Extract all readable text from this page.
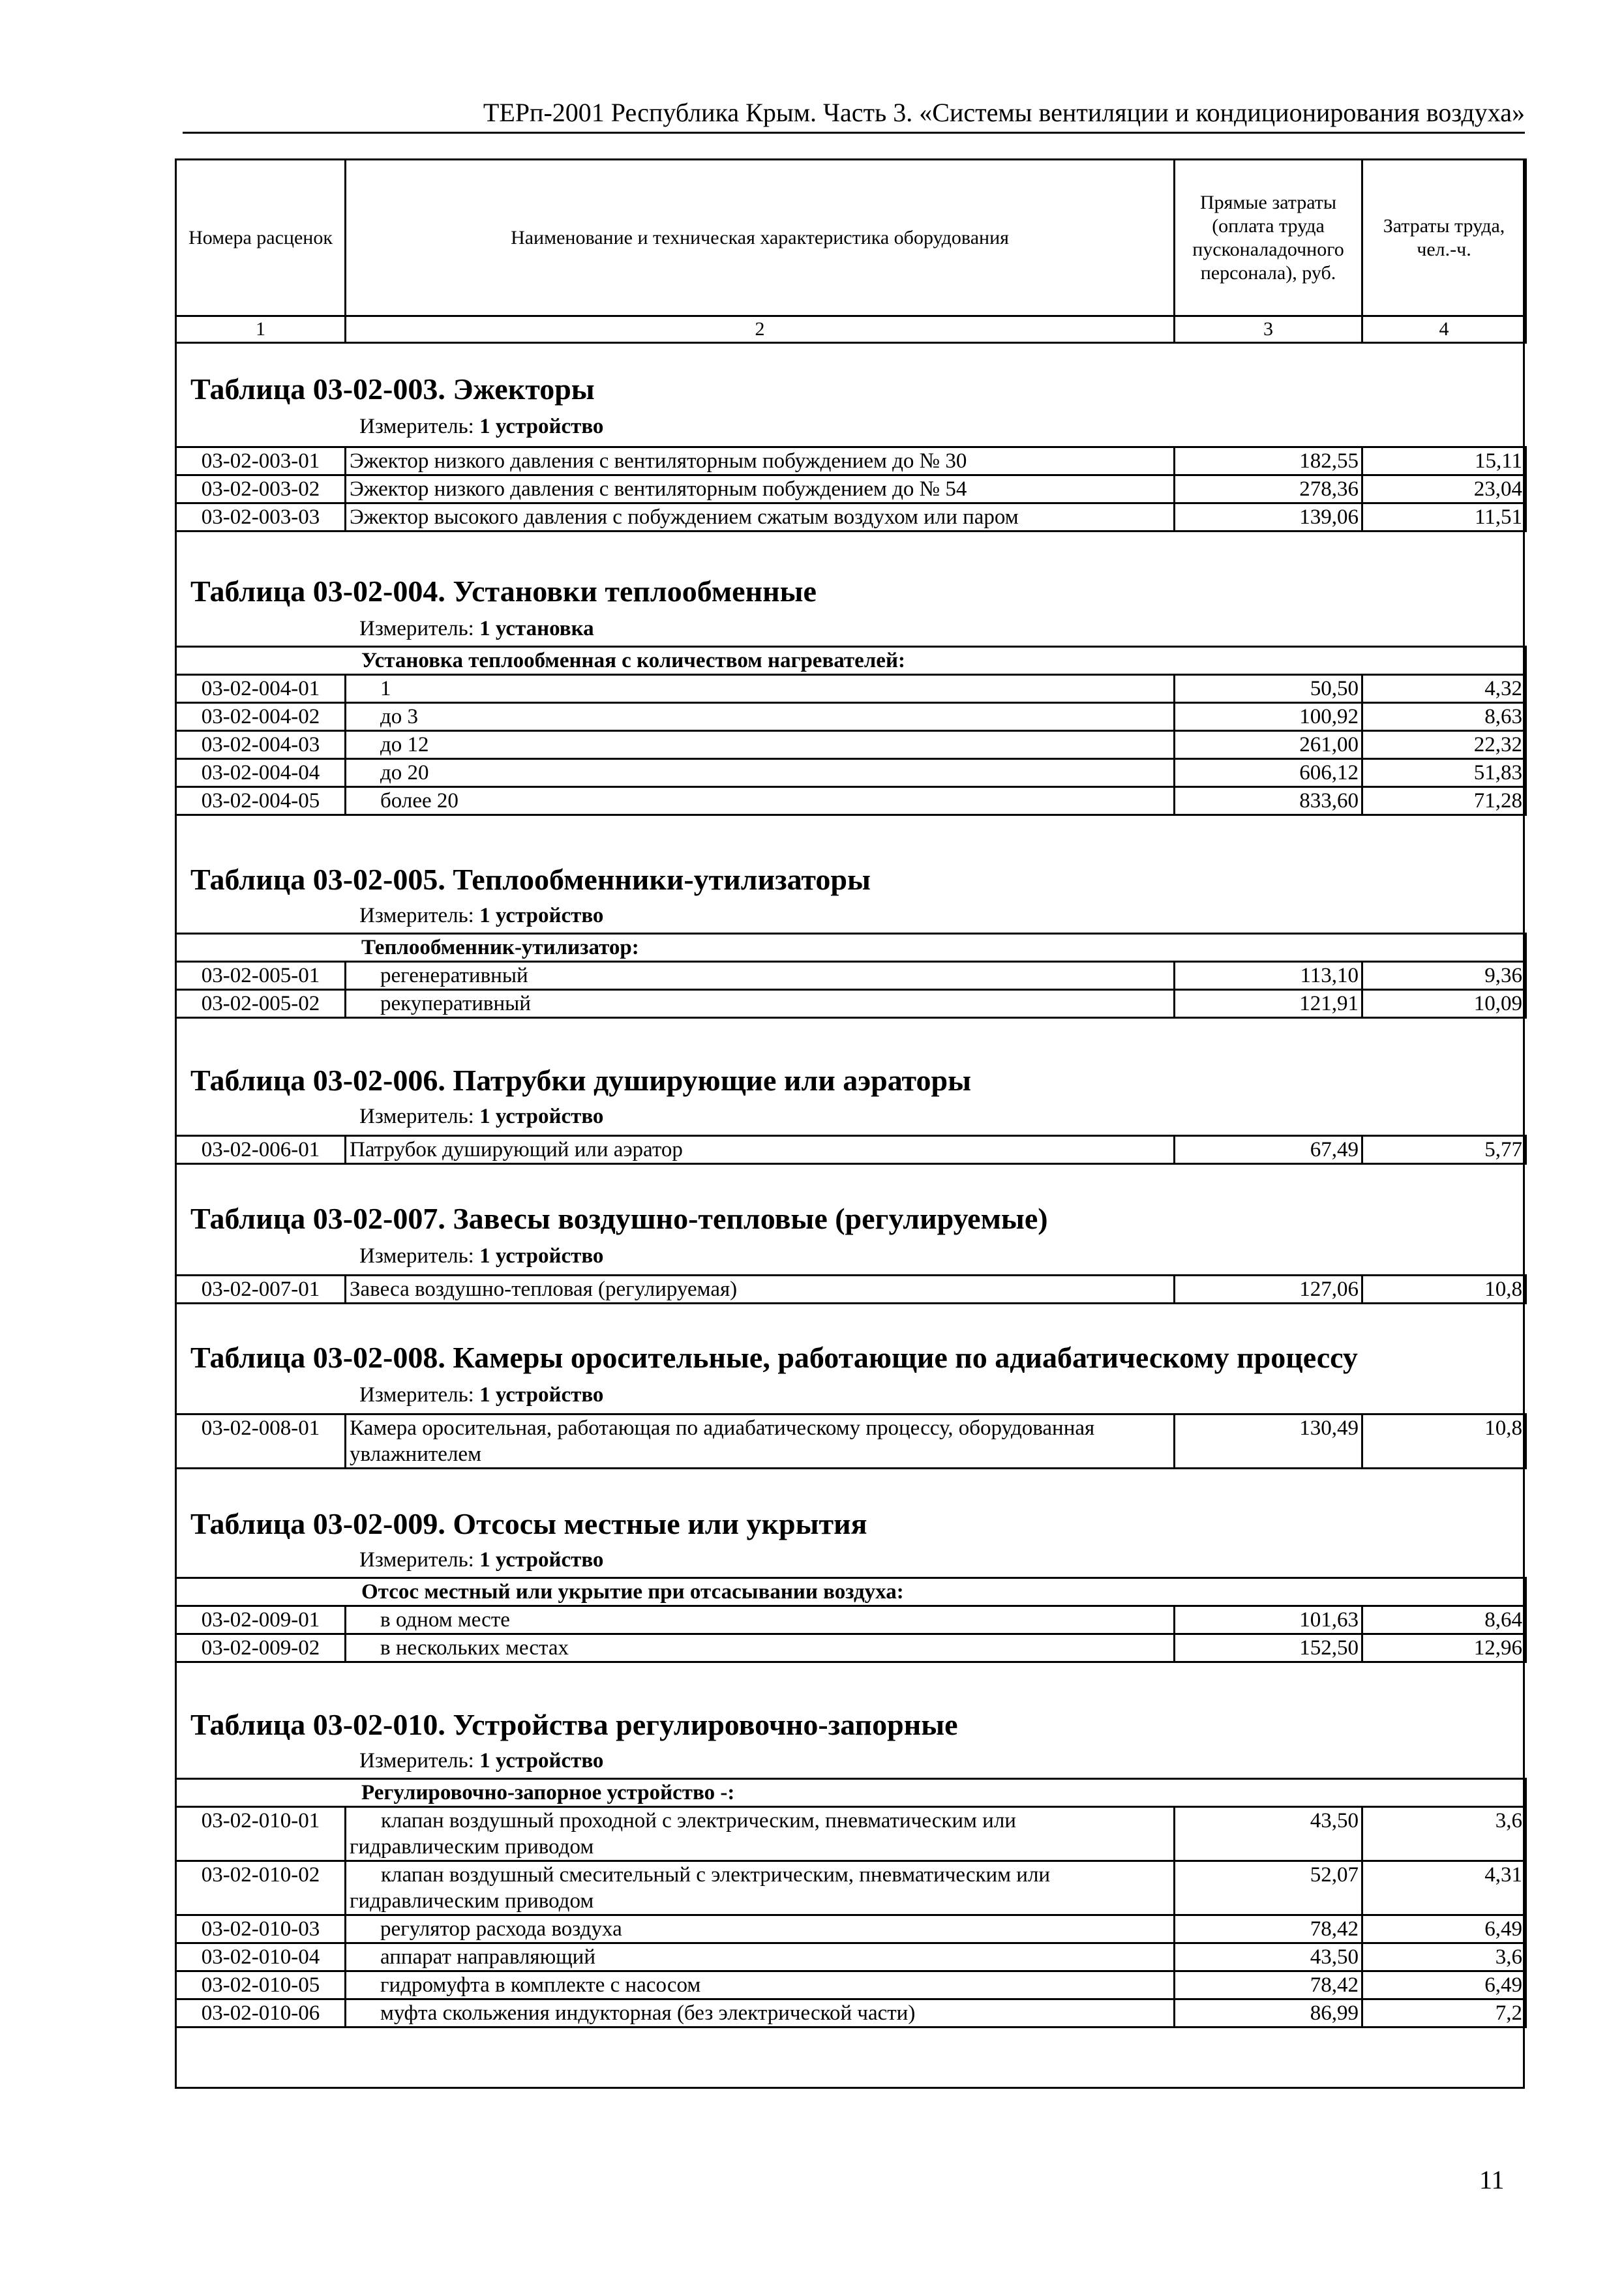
ТЕРп-2001 Республика Крым. Часть 3. «Системы вентиляции и кондиционирования воздуха»
Номера расценок	Наименование и техническая характеристика оборудования	Прямые затраты (оплата труда пусконаладочного персонала), руб.	Затраты труда, чел.-ч.
1	2	3	4
Таблица 03-02-003. Эжекторы
Измеритель: 1 устройство
03-02-003-01	Эжектор низкого давления с вентиляторным побуждением до № 30	182,55	15,11
03-02-003-02	Эжектор низкого давления с вентиляторным побуждением до № 54	278,36	23,04
03-02-003-03	Эжектор высокого давления с побуждением сжатым воздухом или паром	139,06	11,51
Таблица 03-02-004. Установки теплообменные
Измеритель: 1 установка
Установка теплообменная с количеством нагревателей:			
03-02-004-01	1	50,50	4,32
03-02-004-02	до 3	100,92	8,63
03-02-004-03	до 12	261,00	22,32
03-02-004-04	до 20	606,12	51,83
03-02-004-05	более 20	833,60	71,28
Таблица 03-02-005. Теплообменники-утилизаторы
Измеритель: 1 устройство
Теплообменник-утилизатор:			
03-02-005-01	регенеративный	113,10	9,36
03-02-005-02	рекуперативный	121,91	10,09
Таблица 03-02-006. Патрубки душирующие или аэраторы
Измеритель: 1 устройство
03-02-006-01	Патрубок душирующий или аэратор	67,49	5,77
Таблица 03-02-007. Завесы воздушно-тепловые (регулируемые)
Измеритель: 1 устройство
03-02-007-01	Завеса воздушно-тепловая (регулируемая)	127,06	10,8
Таблица 03-02-008. Камеры оросительные, работающие по адиабатическому процессу
Измеритель: 1 устройство
03-02-008-01	Камера оросительная, работающая по адиабатическому процессу, оборудованная увлажнителем	130,49	10,8
Таблица 03-02-009. Отсосы местные или укрытия
Измеритель: 1 устройство
Отсос местный или укрытие при отсасывании воздуха:			
03-02-009-01	в одном месте	101,63	8,64
03-02-009-02	в нескольких местах	152,50	12,96
Таблица 03-02-010. Устройства регулировочно-запорные
Измеритель: 1 устройство
Регулировочно-запорное устройство -:			
03-02-010-01	клапан воздушный проходной с электрическим, пневматическим или гидравлическим приводом	43,50	3,6
03-02-010-02	клапан воздушный смесительный с электрическим, пневматическим или гидравлическим приводом	52,07	4,31
03-02-010-03	регулятор расхода воздуха	78,42	6,49
03-02-010-04	аппарат направляющий	43,50	3,6
03-02-010-05	гидромуфта в комплекте с насосом	78,42	6,49
03-02-010-06	муфта скольжения индукторная (без электрической части)	86,99	7,2
11
